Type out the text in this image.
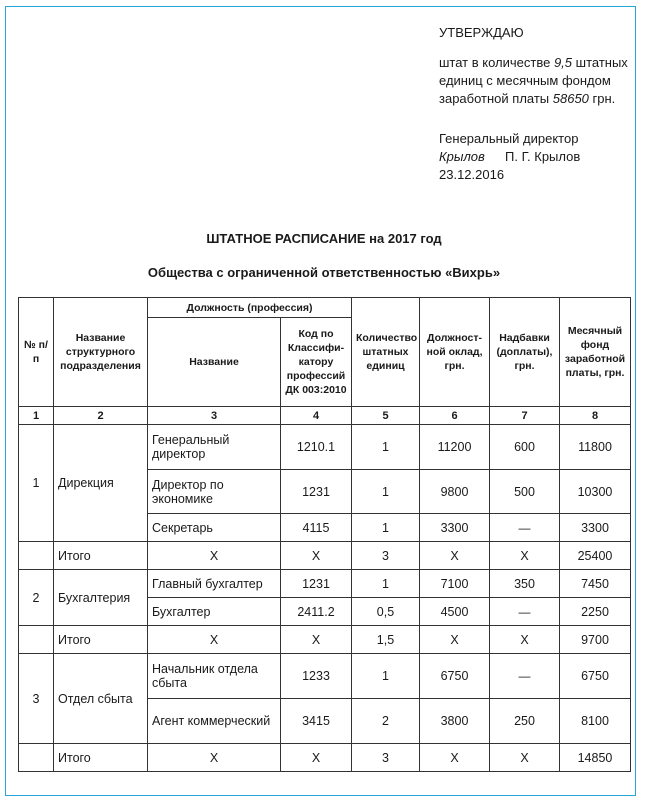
УТВЕРЖДАЮ
штат в количестве 9,5 штатных
единиц с месячным фондом
заработной платы 58650 грн.
Генеральный директор
Крылов П. Г. Крылов
23.12.2016
ШТАТНОЕ РАСПИСАНИЕ на 2017 год
Общества с ограниченной ответственностью «Вихрь»
№ п/п	Название структурного подразделения	Должность (профессия)		Количество штатных единиц	Должност-ной оклад, грн.	Надбавки (доплаты), грн.	Месячный фонд заработной платы, грн.
		Название	Код по Классифи-катору профессий ДК 003:2010				
1	2	3	4	5	6	7	8
1	Дирекция	Генеральный директор	1210.1	1	11200	600	11800
		Директор по экономике	1231	1	9800	500	10300
		Секретарь	4115	1	3300	—	3300
	Итого	Х	Х	3	Х	Х	25400
2	Бухгалтерия	Главный бухгалтер	1231	1	7100	350	7450
		Бухгалтер	2411.2	0,5	4500	—	2250
	Итого	Х	Х	1,5	Х	Х	9700
3	Отдел сбыта	Начальник отдела сбыта	1233	1	6750	—	6750
		Агент коммерческий	3415	2	3800	250	8100
	Итого	Х	Х	3	Х	Х	14850
